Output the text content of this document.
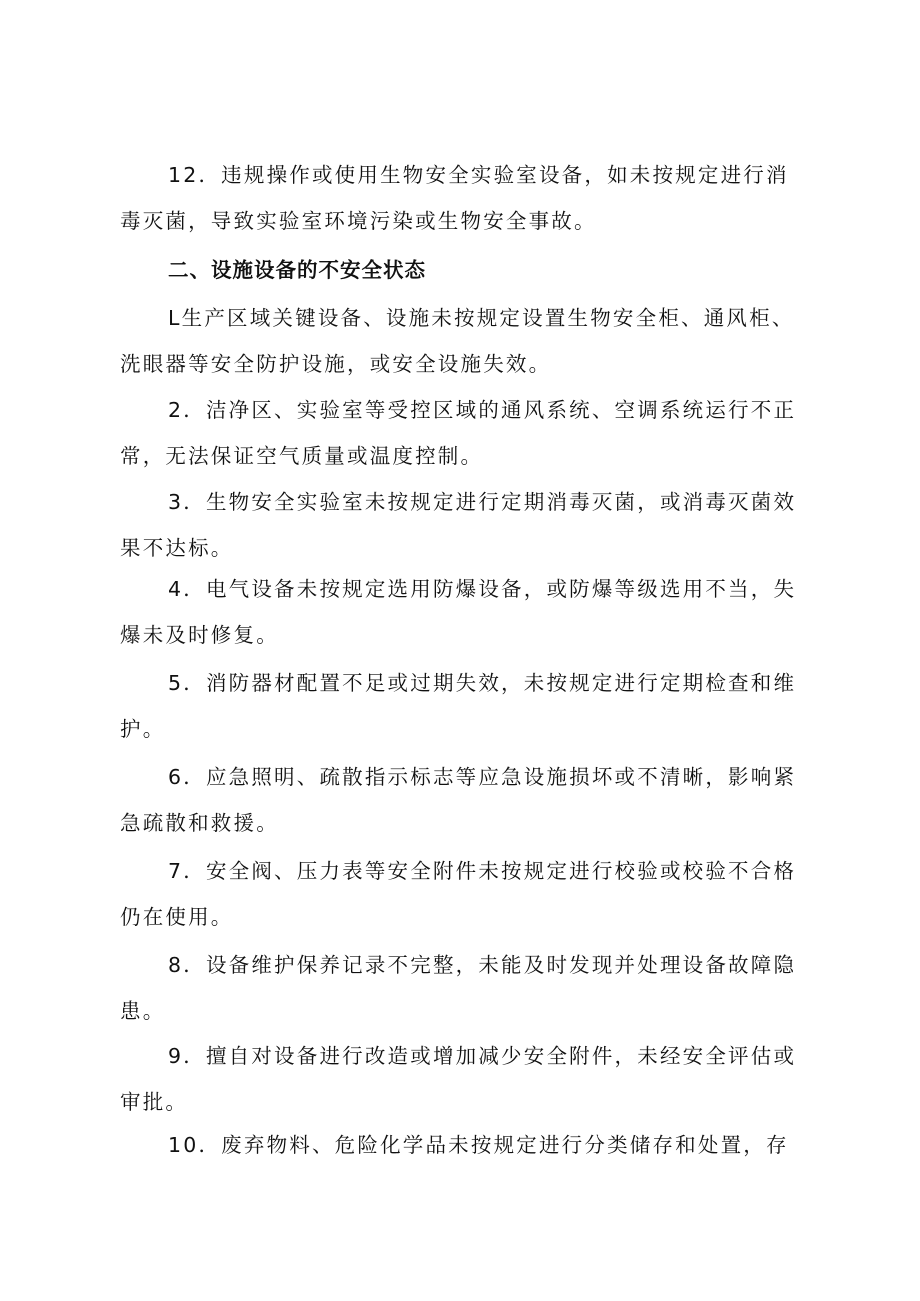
12．违规操作或使用生物安全实验室设备，如未按规定进行消毒灭菌，导致实验室环境污染或生物安全事故。

二、设施设备的不安全状态

L生产区域关键设备、设施未按规定设置生物安全柜、通风柜、洗眼器等安全防护设施，或安全设施失效。

2．洁净区、实验室等受控区域的通风系统、空调系统运行不正常，无法保证空气质量或温度控制。

3．生物安全实验室未按规定进行定期消毒灭菌，或消毒灭菌效果不达标。

4．电气设备未按规定选用防爆设备，或防爆等级选用不当，失爆未及时修复。

5．消防器材配置不足或过期失效，未按规定进行定期检查和维护。

6．应急照明、疏散指示标志等应急设施损坏或不清晰，影响紧急疏散和救援。

7．安全阀、压力表等安全附件未按规定进行校验或校验不合格仍在使用。

8．设备维护保养记录不完整，未能及时发现并处理设备故障隐患。

9．擅自对设备进行改造或增加减少安全附件，未经安全评估或审批。

10．废弃物料、危险化学品未按规定进行分类储存和处置，存
